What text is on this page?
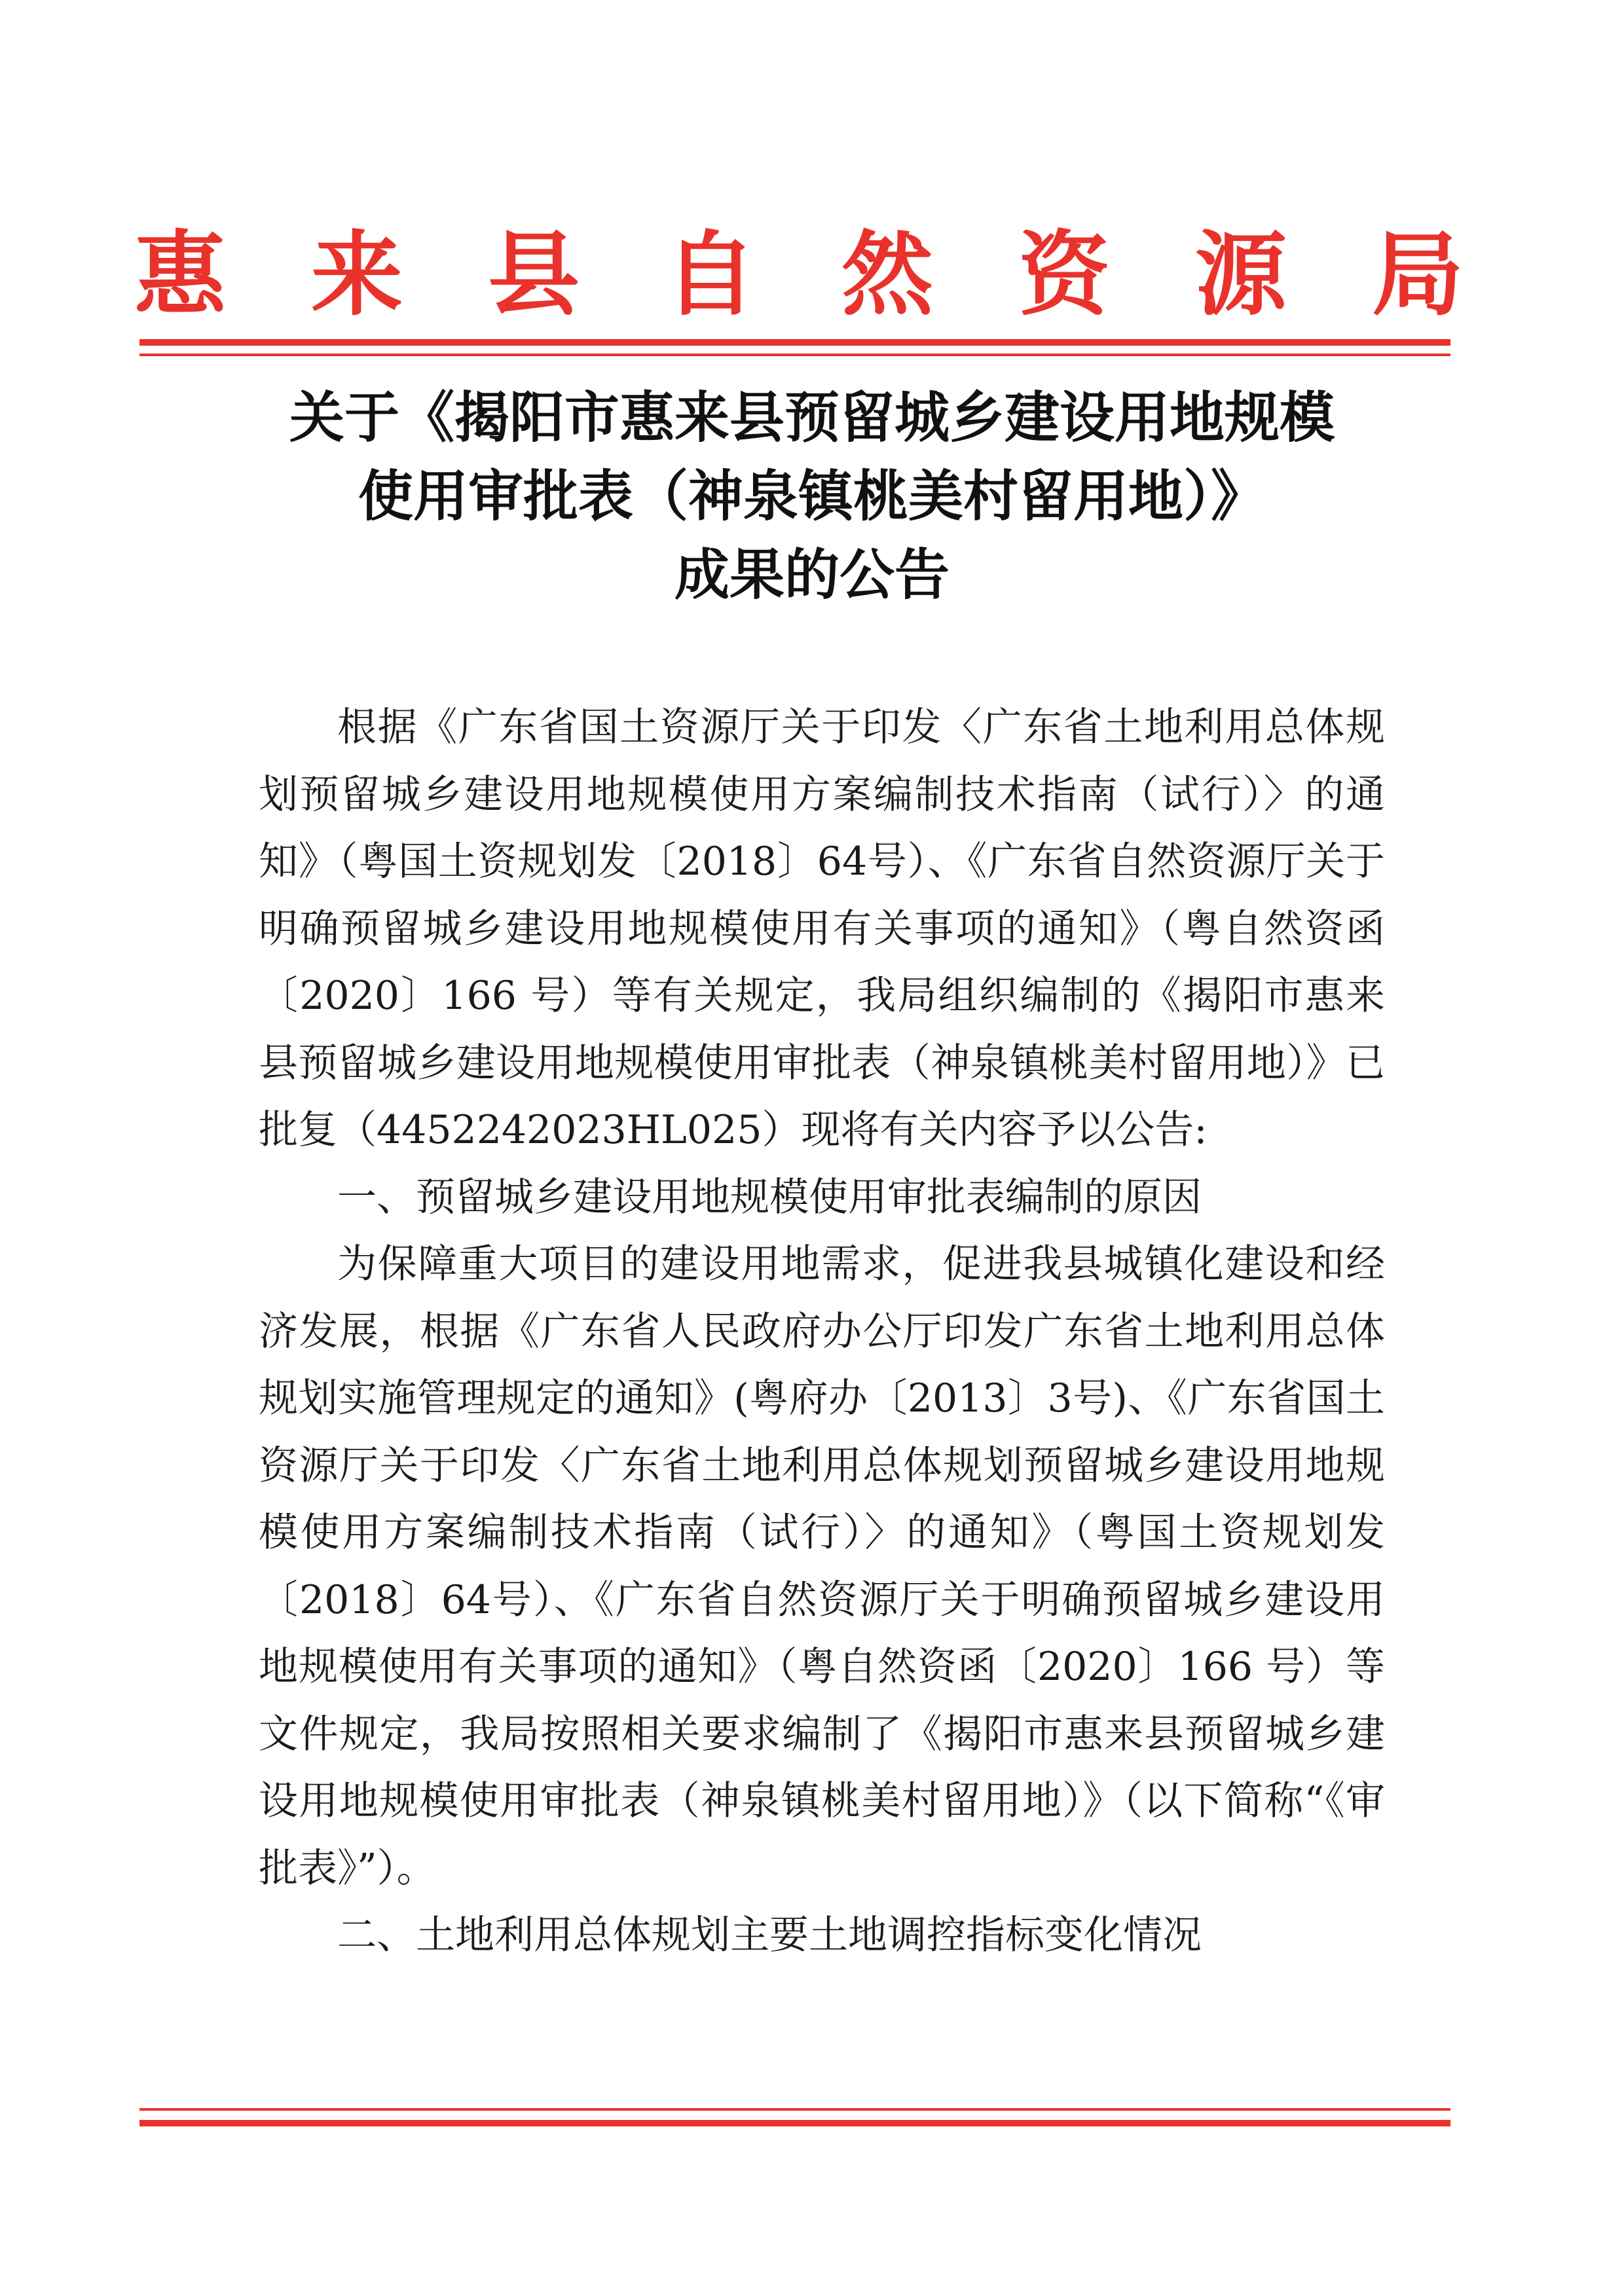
惠 来 县 自 然 资 源 局
关于《揭阳市惠来县预留城乡建设用地规模
使用审批表（神泉镇桃美村留用地）》
成果的公告

根据《广东省国土资源厅关于印发〈广东省土地利用总体规划预留城乡建设用地规模使用方案编制技术指南（试行）〉的通知》（粤国土资规划发〔2018〕64号）、《广东省自然资源厅关于明确预留城乡建设用地规模使用有关事项的通知》（粤自然资函〔2020〕166 号）等有关规定，我局组织编制的《揭阳市惠来县预留城乡建设用地规模使用审批表（神泉镇桃美村留用地）》已批复（4452242023HL025）现将有关内容予以公告:

一、预留城乡建设用地规模使用审批表编制的原因

为保障重大项目的建设用地需求，促进我县城镇化建设和经济发展，根据《广东省人民政府办公厅印发广东省土地利用总体规划实施管理规定的通知》(粤府办〔2013〕3号)、《广东省国土资源厅关于印发〈广东省土地利用总体规划预留城乡建设用地规模使用方案编制技术指南（试行）〉的通知》（粤国土资规划发〔2018〕64号）、《广东省自然资源厅关于明确预留城乡建设用地规模使用有关事项的通知》（粤自然资函〔2020〕166 号）等文件规定，我局按照相关要求编制了《揭阳市惠来县预留城乡建设用地规模使用审批表（神泉镇桃美村留用地）》（以下简称“《审批表》”）。

二、土地利用总体规划主要土地调控指标变化情况
